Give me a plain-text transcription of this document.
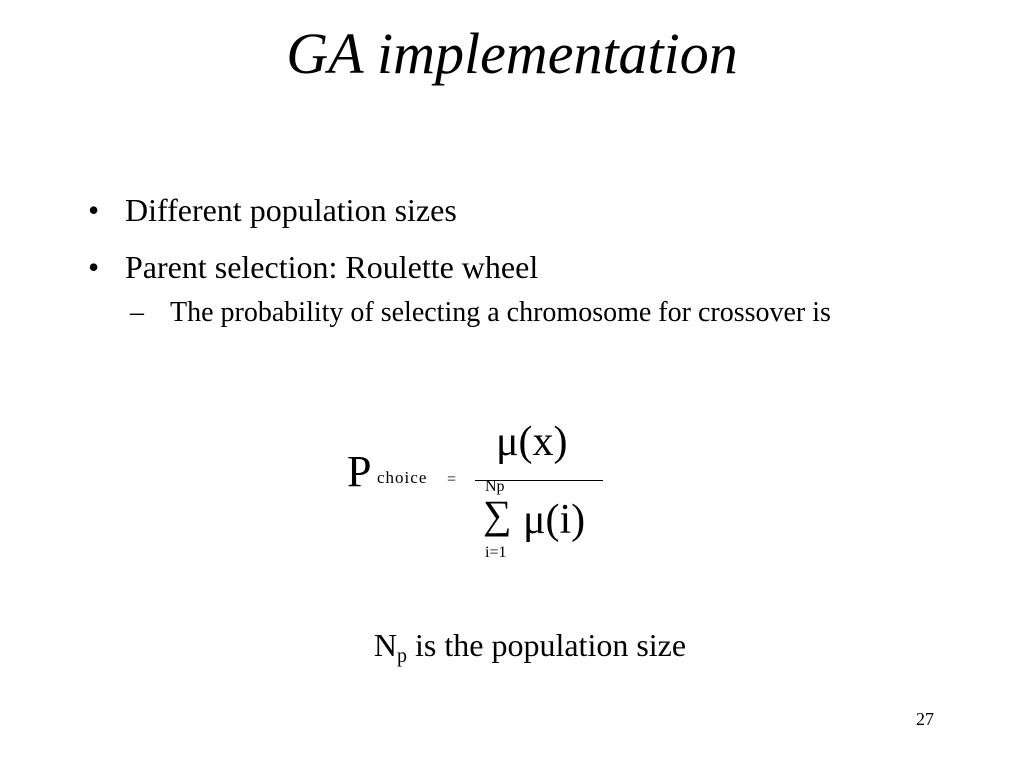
GA implementation
• Different population sizes
• Parent selection: Roulette wheel
– The probability of selecting a chromosome for crossover is
P choice =
μ(x)
Np
∑ μ(i)
i=1
$N_p$ is the population size
27
